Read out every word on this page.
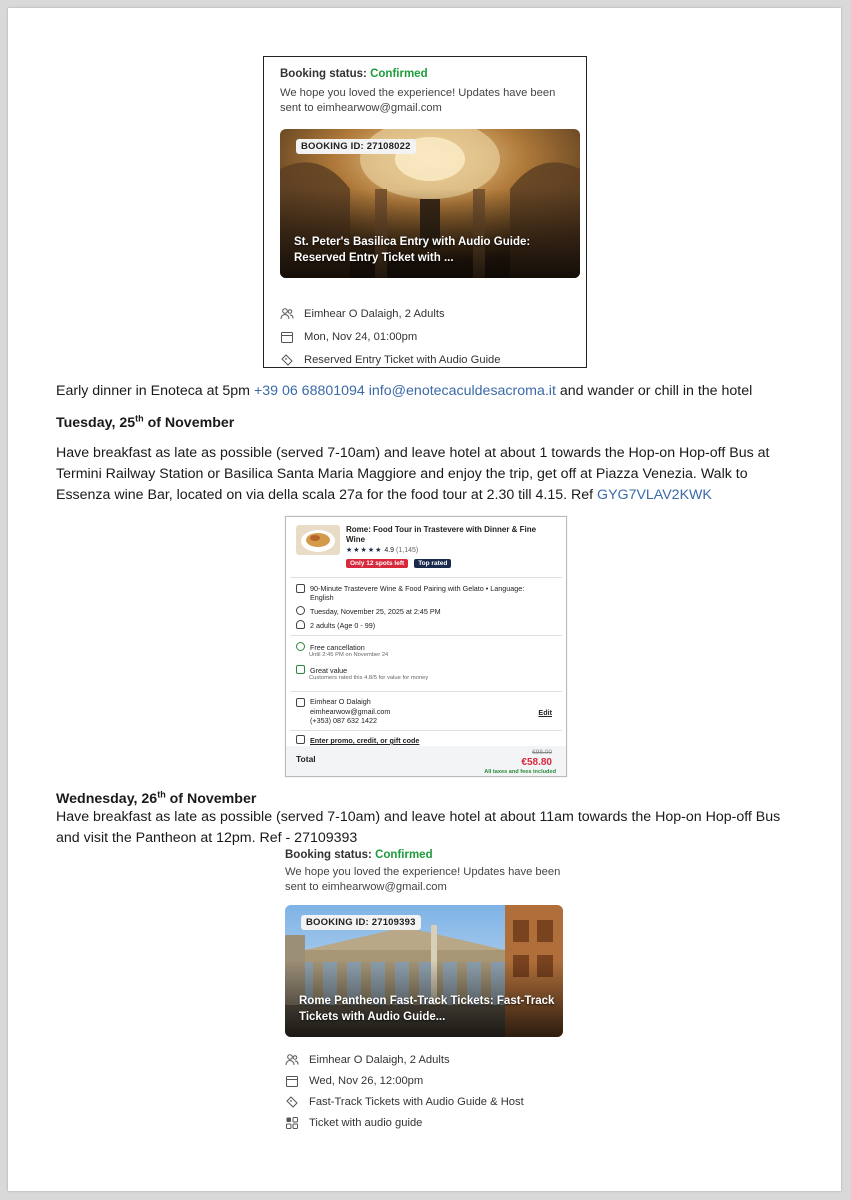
Booking status: Confirmed
We hope you loved the experience! Updates have been sent to eimhearwow@gmail.com
BOOKING ID: 27108022
St. Peter's Basilica Entry with Audio Guide: Reserved Entry Ticket with ...
Eimhear O Dalaigh, 2 Adults
Mon, Nov 24, 01:00pm
Reserved Entry Ticket with Audio Guide
Early dinner in Enoteca at 5pm +39 06 68801094 info@enotecaculdesacroma.it and wander or chill in the hotel
Tuesday, 25th of November
Have breakfast as late as possible (served 7-10am) and leave hotel at about 1 towards the Hop-on Hop-off Bus at Termini Railway Station or Basilica Santa Maria Maggiore and enjoy the trip, get off at Piazza Venezia. Walk to Essenza wine Bar, located on via della scala 27a for the food tour at 2.30 till 4.15. Ref GYG7VLAV2KWK
Rome: Food Tour in Trastevere with Dinner & Fine Wine
★★★★★ 4.9 (1,145)
Only 12 spots left Top rated
90-Minute Trastevere Wine & Food Pairing with Gelato • Language: English
Tuesday, November 25, 2025 at 2:45 PM
2 adults (Age 0 - 99)
Free cancellation
Until 2:45 PM on November 24
Great value
Customers rated this 4.8/5 for value for money
Eimhear O Dalaigh
eimhearwow@gmail.com
(+353) 087 632 1422
Edit
Enter promo, credit, or gift code
Total
€98.00
€58.80
All taxes and fees included
Wednesday, 26th of November
Have breakfast as late as possible (served 7-10am) and leave hotel at about 11am towards the Hop-on Hop-off Bus and visit the Pantheon at 12pm. Ref - 27109393
Booking status: Confirmed
We hope you loved the experience! Updates have been sent to eimhearwow@gmail.com
BOOKING ID: 27109393
Rome Pantheon Fast-Track Tickets: Fast-Track Tickets with Audio Guide...
Eimhear O Dalaigh, 2 Adults
Wed, Nov 26, 12:00pm
Fast-Track Tickets with Audio Guide & Host
Ticket with audio guide
